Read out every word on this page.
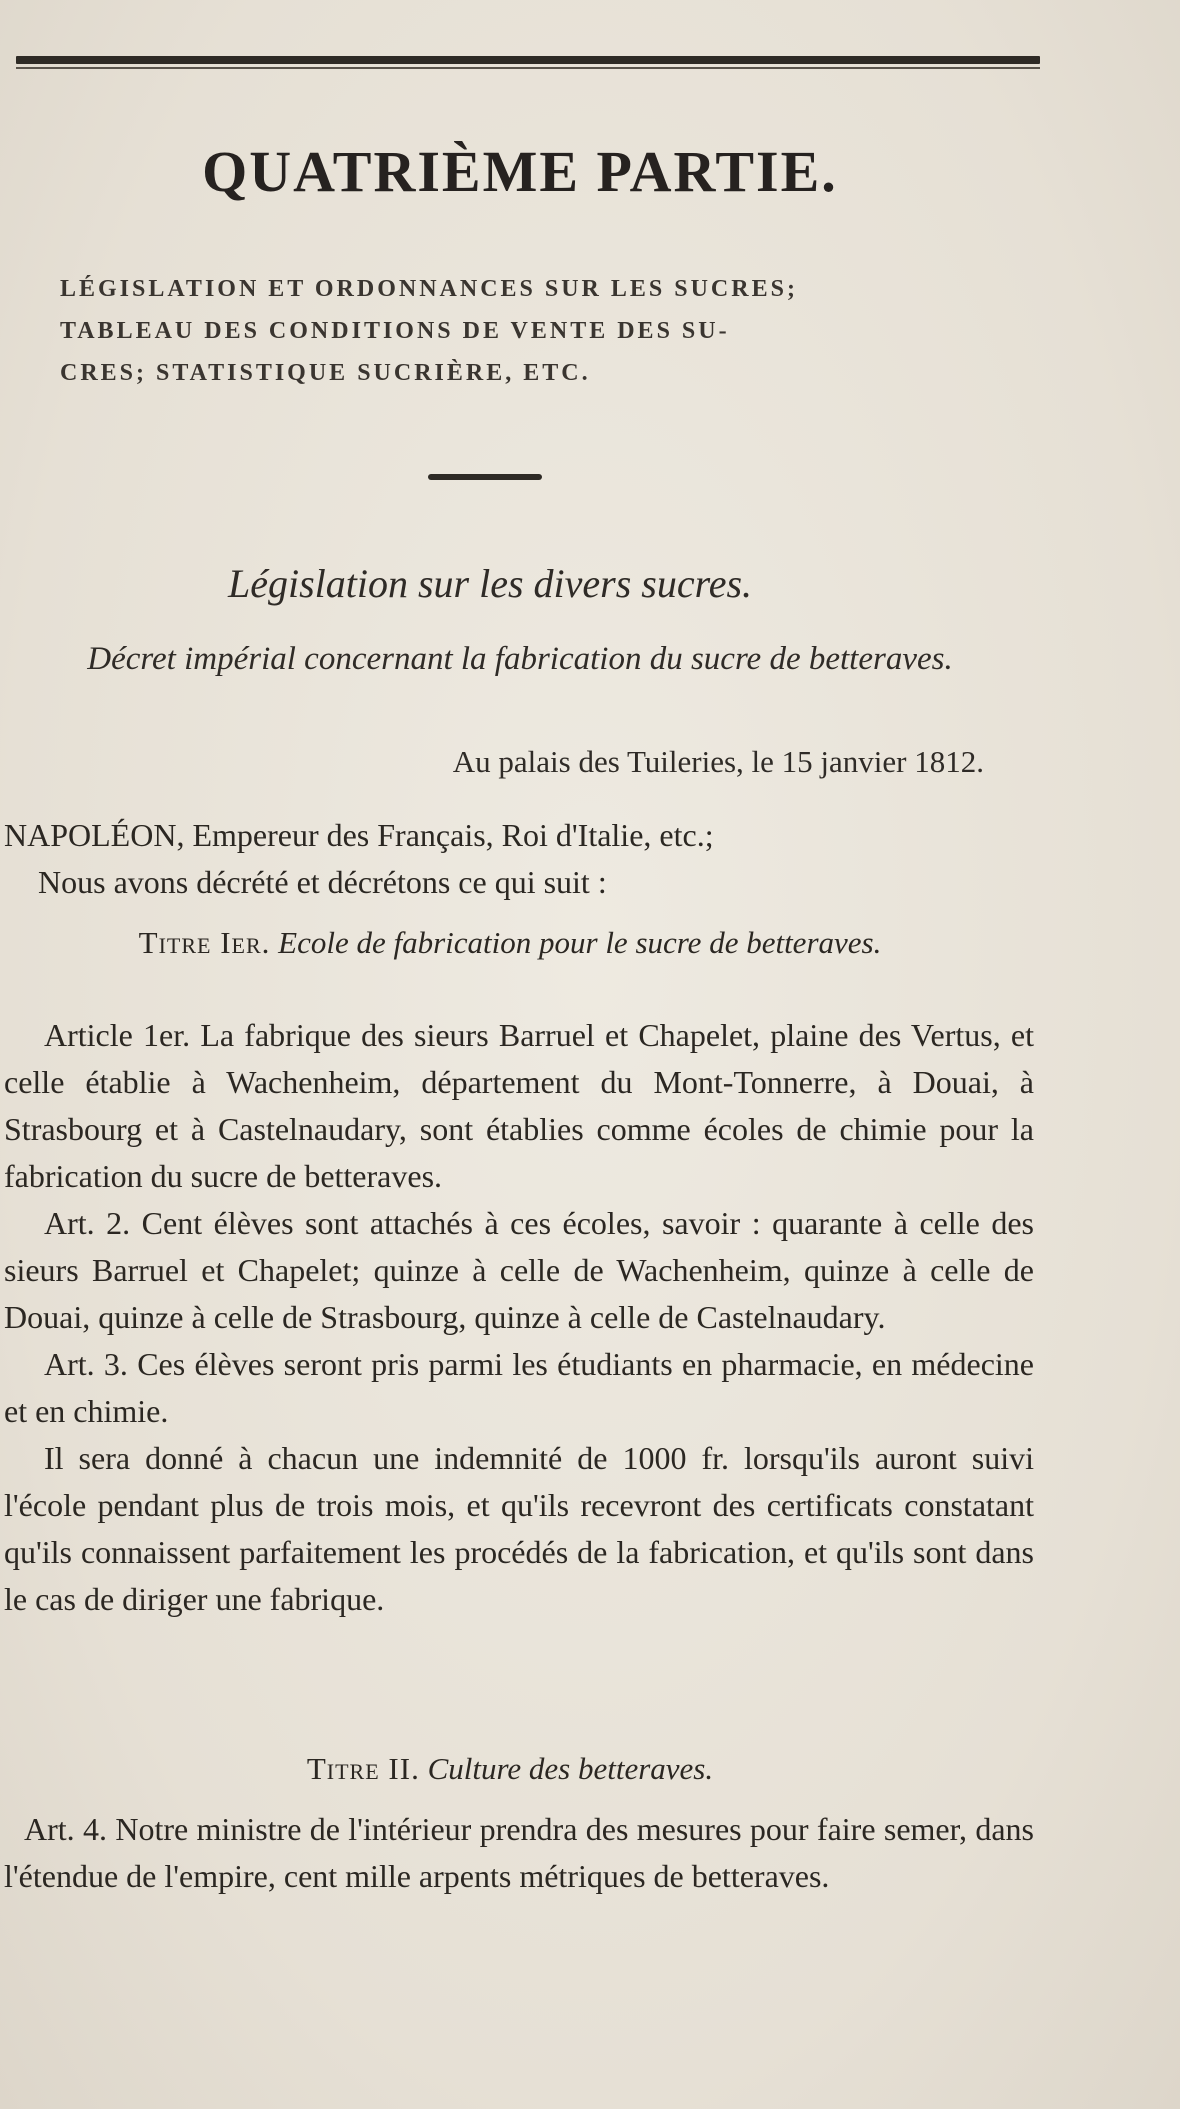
QUATRIÈME PARTIE.
LÉGISLATION ET ORDONNANCES SUR LES SUCRES;
TABLEAU DES CONDITIONS DE VENTE DES SU-
CRES; STATISTIQUE SUCRIÈRE, ETC.
Législation sur les divers sucres.
Décret impérial concernant la fabrication du sucre de betteraves.
Au palais des Tuileries, le 15 janvier 1812.
NAPOLÉON, Empereur des Français, Roi d'Italie, etc.;
Nous avons décrété et décrétons ce qui suit :
Titre Ier. Ecole de fabrication pour le sucre de betteraves.
Article 1er. La fabrique des sieurs Barruel et Chapelet, plaine des Vertus, et celle établie à Wachenheim, département du Mont-Tonnerre, à Douai, à Strasbourg et à Castelnaudary, sont établies comme écoles de chimie pour la fabrication du sucre de betteraves.
Art. 2. Cent élèves sont attachés à ces écoles, savoir : quarante à celle des sieurs Barruel et Chapelet; quinze à celle de Wachenheim, quinze à celle de Douai, quinze à celle de Strasbourg, quinze à celle de Castelnaudary.
Art. 3. Ces élèves seront pris parmi les étudiants en pharmacie, en médecine et en chimie.
Il sera donné à chacun une indemnité de 1000 fr. lorsqu'ils auront suivi l'école pendant plus de trois mois, et qu'ils recevront des certificats constatant qu'ils connaissent parfaitement les procédés de la fabrication, et qu'ils sont dans le cas de diriger une fabrique.
Titre II. Culture des betteraves.
Art. 4. Notre ministre de l'intérieur prendra des mesures pour faire semer, dans l'étendue de l'empire, cent mille arpents métriques de betteraves.
